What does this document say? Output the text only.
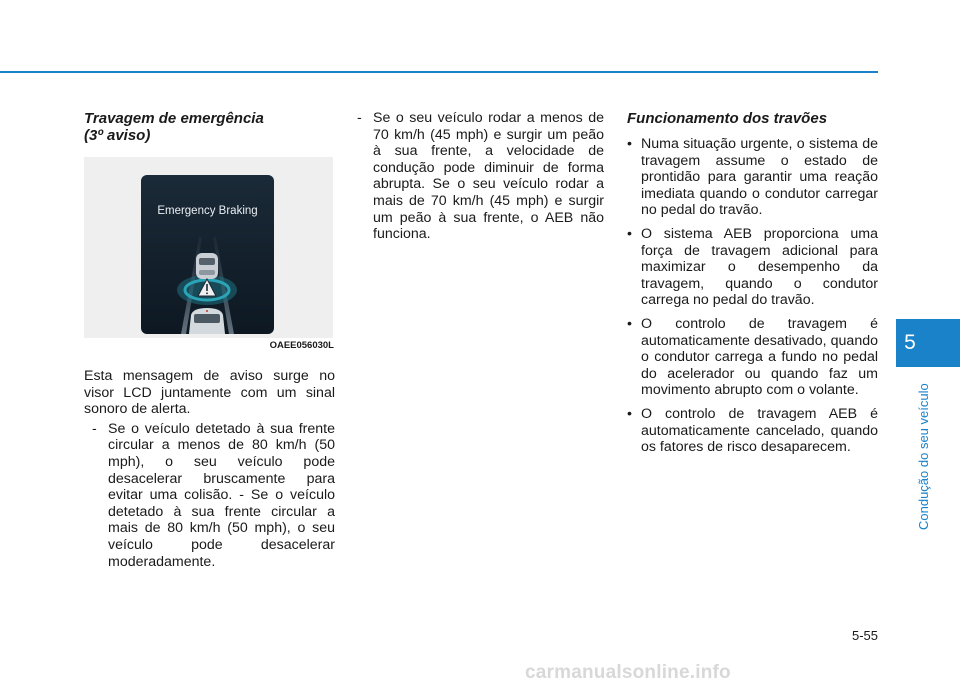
Travagem de emergência
(3º aviso)
Emergency Braking
OAEE056030L

Esta mensagem de aviso surge no visor LCD juntamente com um sinal sonoro de alerta.

- Se o veículo detetado à sua frente circular a menos de 80 km/h (50 mph), o seu veículo pode desacelerar bruscamente para evitar uma colisão. - Se o veículo detetado à sua frente circular a mais de 80 km/h (50 mph), o seu veículo pode desacelerar moderadamente.
- Se o seu veículo rodar a menos de 70 km/h (45 mph) e surgir um peão à sua frente, a velocidade de condução pode diminuir de forma abrupta. Se o seu veículo rodar a mais de 70 km/h (45 mph) e surgir um peão à sua frente, o AEB não funciona.
Funcionamento dos travões
• Numa situação urgente, o sistema de travagem assume o estado de prontidão para garantir uma reação imediata quando o condutor carregar no pedal do travão.
• O sistema AEB proporciona uma força de travagem adicional para maximizar o desempenho da travagem, quando o condutor carrega no pedal do travão.
• O controlo de travagem é automaticamente desativado, quando o condutor carrega a fundo no pedal do acelerador ou quando faz um movimento abrupto com o volante.
• O controlo de travagem AEB é automaticamente cancelado, quando os fatores de risco desaparecem.
5
Condução do seu veículo
5-55
carmanualsonline.info
